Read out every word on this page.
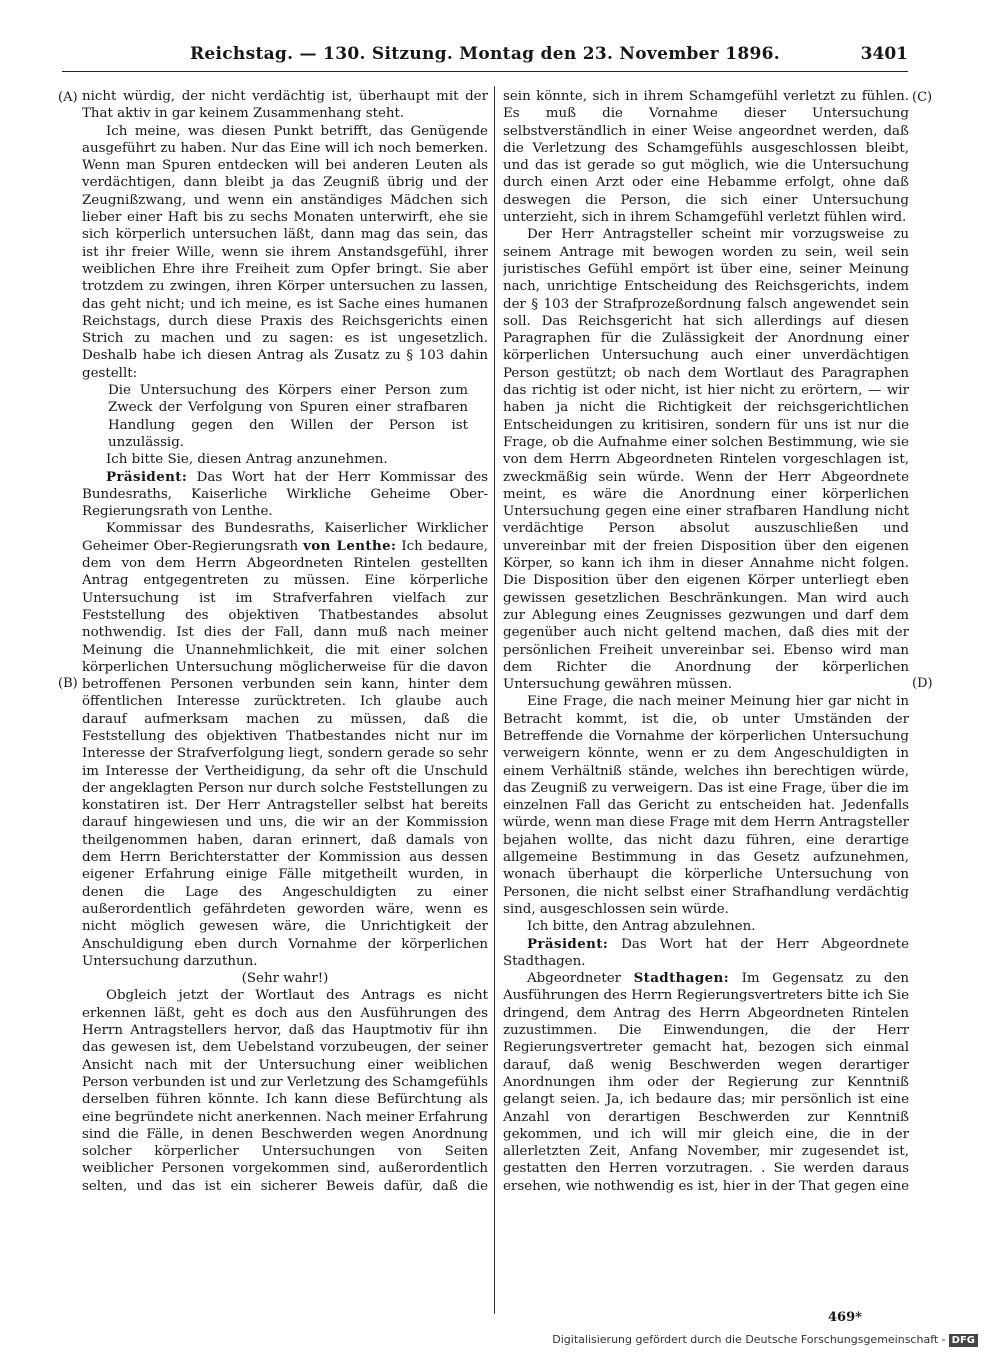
Reichstag. — 130. Sitzung. Montag den 23. November 1896.	3401
(A)
(B)
(C)
(D)

nicht würdig, der nicht verdächtig ist, überhaupt mit der That aktiv in gar keinem Zusammenhang steht.

Ich meine, was diesen Punkt betrifft, das Genügende ausgeführt zu haben. Nur das Eine will ich noch bemerken. Wenn man Spuren entdecken will bei anderen Leuten als verdächtigen, dann bleibt ja das Zeugniß übrig und der Zeugnißzwang, und wenn ein anständiges Mädchen sich lieber einer Haft bis zu sechs Monaten unterwirft, ehe sie sich körperlich untersuchen läßt, dann mag das sein, das ist ihr freier Wille, wenn sie ihrem Anstandsgefühl, ihrer weiblichen Ehre ihre Freiheit zum Opfer bringt. Sie aber trotzdem zu zwingen, ihren Körper untersuchen zu lassen, das geht nicht; und ich meine, es ist Sache eines humanen Reichstags, durch diese Praxis des Reichsgerichts einen Strich zu machen und zu sagen: es ist ungesetzlich. Deshalb habe ich diesen Antrag als Zusatz zu § 103 dahin gestellt:

Die Untersuchung des Körpers einer Person zum Zweck der Verfolgung von Spuren einer strafbaren Handlung gegen den Willen der Person ist unzulässig.

Ich bitte Sie, diesen Antrag anzunehmen.

Präsident: Das Wort hat der Herr Kommissar des Bundesraths, Kaiserliche Wirkliche Geheime Ober-Regierungsrath von Lenthe.

Kommissar des Bundesraths, Kaiserlicher Wirklicher Geheimer Ober-Regierungsrath von Lenthe: Ich bedaure, dem von dem Herrn Abgeordneten Rintelen gestellten Antrag entgegentreten zu müssen. Eine körperliche Untersuchung ist im Strafverfahren vielfach zur Feststellung des objektiven Thatbestandes absolut nothwendig. Ist dies der Fall, dann muß nach meiner Meinung die Unannehmlichkeit, die mit einer solchen körperlichen Untersuchung möglicherweise für die davon betroffenen Personen verbunden sein kann, hinter dem öffentlichen Interesse zurücktreten. Ich glaube auch darauf aufmerksam machen zu müssen, daß die Feststellung des objektiven Thatbestandes nicht nur im Interesse der Strafverfolgung liegt, sondern gerade so sehr im Interesse der Vertheidigung, da sehr oft die Unschuld der angeklagten Person nur durch solche Feststellungen zu konstatiren ist. Der Herr Antragsteller selbst hat bereits darauf hingewiesen und uns, die wir an der Kommission theilgenommen haben, daran erinnert, daß damals von dem Herrn Berichterstatter der Kommission aus dessen eigener Erfahrung einige Fälle mitgetheilt wurden, in denen die Lage des Angeschuldigten zu einer außerordentlich gefährdeten geworden wäre, wenn es nicht möglich gewesen wäre, die Unrichtigkeit der Anschuldigung eben durch Vornahme der körperlichen Untersuchung darzuthun.

(Sehr wahr!)

Obgleich jetzt der Wortlaut des Antrags es nicht erkennen läßt, geht es doch aus den Ausführungen des Herrn Antragstellers hervor, daß das Hauptmotiv für ihn das gewesen ist, dem Uebelstand vorzubeugen, der seiner Ansicht nach mit der Untersuchung einer weiblichen Person verbunden ist und zur Verletzung des Schamgefühls derselben führen könnte. Ich kann diese Befürchtung als eine begründete nicht anerkennen. Nach meiner Erfahrung sind die Fälle, in denen Beschwerden wegen Anordnung solcher körperlicher Untersuchungen von Seiten weiblicher Personen vorgekommen sind, außerordentlich selten, und das ist ein sicherer Beweis dafür, daß die

sein könnte, sich in ihrem Schamgefühl verletzt zu fühlen. Es muß die Vornahme dieser Untersuchung selbstverständlich in einer Weise angeordnet werden, daß die Verletzung des Schamgefühls ausgeschlossen bleibt, und das ist gerade so gut möglich, wie die Untersuchung durch einen Arzt oder eine Hebamme erfolgt, ohne daß deswegen die Person, die sich einer Untersuchung unterzieht, sich in ihrem Schamgefühl verletzt fühlen wird.

Der Herr Antragsteller scheint mir vorzugsweise zu seinem Antrage mit bewogen worden zu sein, weil sein juristisches Gefühl empört ist über eine, seiner Meinung nach, unrichtige Entscheidung des Reichsgerichts, indem der § 103 der Strafprozeßordnung falsch angewendet sein soll. Das Reichsgericht hat sich allerdings auf diesen Paragraphen für die Zulässigkeit der Anordnung einer körperlichen Untersuchung auch einer unverdächtigen Person gestützt; ob nach dem Wortlaut des Paragraphen das richtig ist oder nicht, ist hier nicht zu erörtern, — wir haben ja nicht die Richtigkeit der reichsgerichtlichen Entscheidungen zu kritisiren, sondern für uns ist nur die Frage, ob die Aufnahme einer solchen Bestimmung, wie sie von dem Herrn Abgeordneten Rintelen vorgeschlagen ist, zweckmäßig sein würde. Wenn der Herr Abgeordnete meint, es wäre die Anordnung einer körperlichen Untersuchung gegen eine einer strafbaren Handlung nicht verdächtige Person absolut auszuschließen und unvereinbar mit der freien Disposition über den eigenen Körper, so kann ich ihm in dieser Annahme nicht folgen. Die Disposition über den eigenen Körper unterliegt eben gewissen gesetzlichen Beschränkungen. Man wird auch zur Ablegung eines Zeugnisses gezwungen und darf dem gegenüber auch nicht geltend machen, daß dies mit der persönlichen Freiheit unvereinbar sei. Ebenso wird man dem Richter die Anordnung der körperlichen Untersuchung gewähren müssen.

Eine Frage, die nach meiner Meinung hier gar nicht in Betracht kommt, ist die, ob unter Umständen der Betreffende die Vornahme der körperlichen Untersuchung verweigern könnte, wenn er zu dem Angeschuldigten in einem Verhältniß stände, welches ihn berechtigen würde, das Zeugniß zu verweigern. Das ist eine Frage, über die im einzelnen Fall das Gericht zu entscheiden hat. Jedenfalls würde, wenn man diese Frage mit dem Herrn Antragsteller bejahen wollte, das nicht dazu führen, eine derartige allgemeine Bestimmung in das Gesetz aufzunehmen, wonach überhaupt die körperliche Untersuchung von Personen, die nicht selbst einer Strafhandlung verdächtig sind, ausgeschlossen sein würde.

Ich bitte, den Antrag abzulehnen.

Präsident: Das Wort hat der Herr Abgeordnete Stadthagen.

Abgeordneter Stadthagen: Im Gegensatz zu den Ausführungen des Herrn Regierungsvertreters bitte ich Sie dringend, dem Antrag des Herrn Abgeordneten Rintelen zuzustimmen. Die Einwendungen, die der Herr Regierungsvertreter gemacht hat, bezogen sich einmal darauf, daß wenig Beschwerden wegen derartiger Anordnungen ihm oder der Regierung zur Kenntniß gelangt seien. Ja, ich bedaure das; mir persönlich ist eine Anzahl von derartigen Beschwerden zur Kenntniß gekommen, und ich will mir gleich eine, die in der allerletzten Zeit, Anfang November, mir zugesendet ist, gestatten den Herren vorzutragen. . Sie werden daraus ersehen, wie nothwendig es ist, hier in der That gegen eine

469*
Digitalisierung gefördert durch die Deutsche Forschungsgemeinschaft - DFG
